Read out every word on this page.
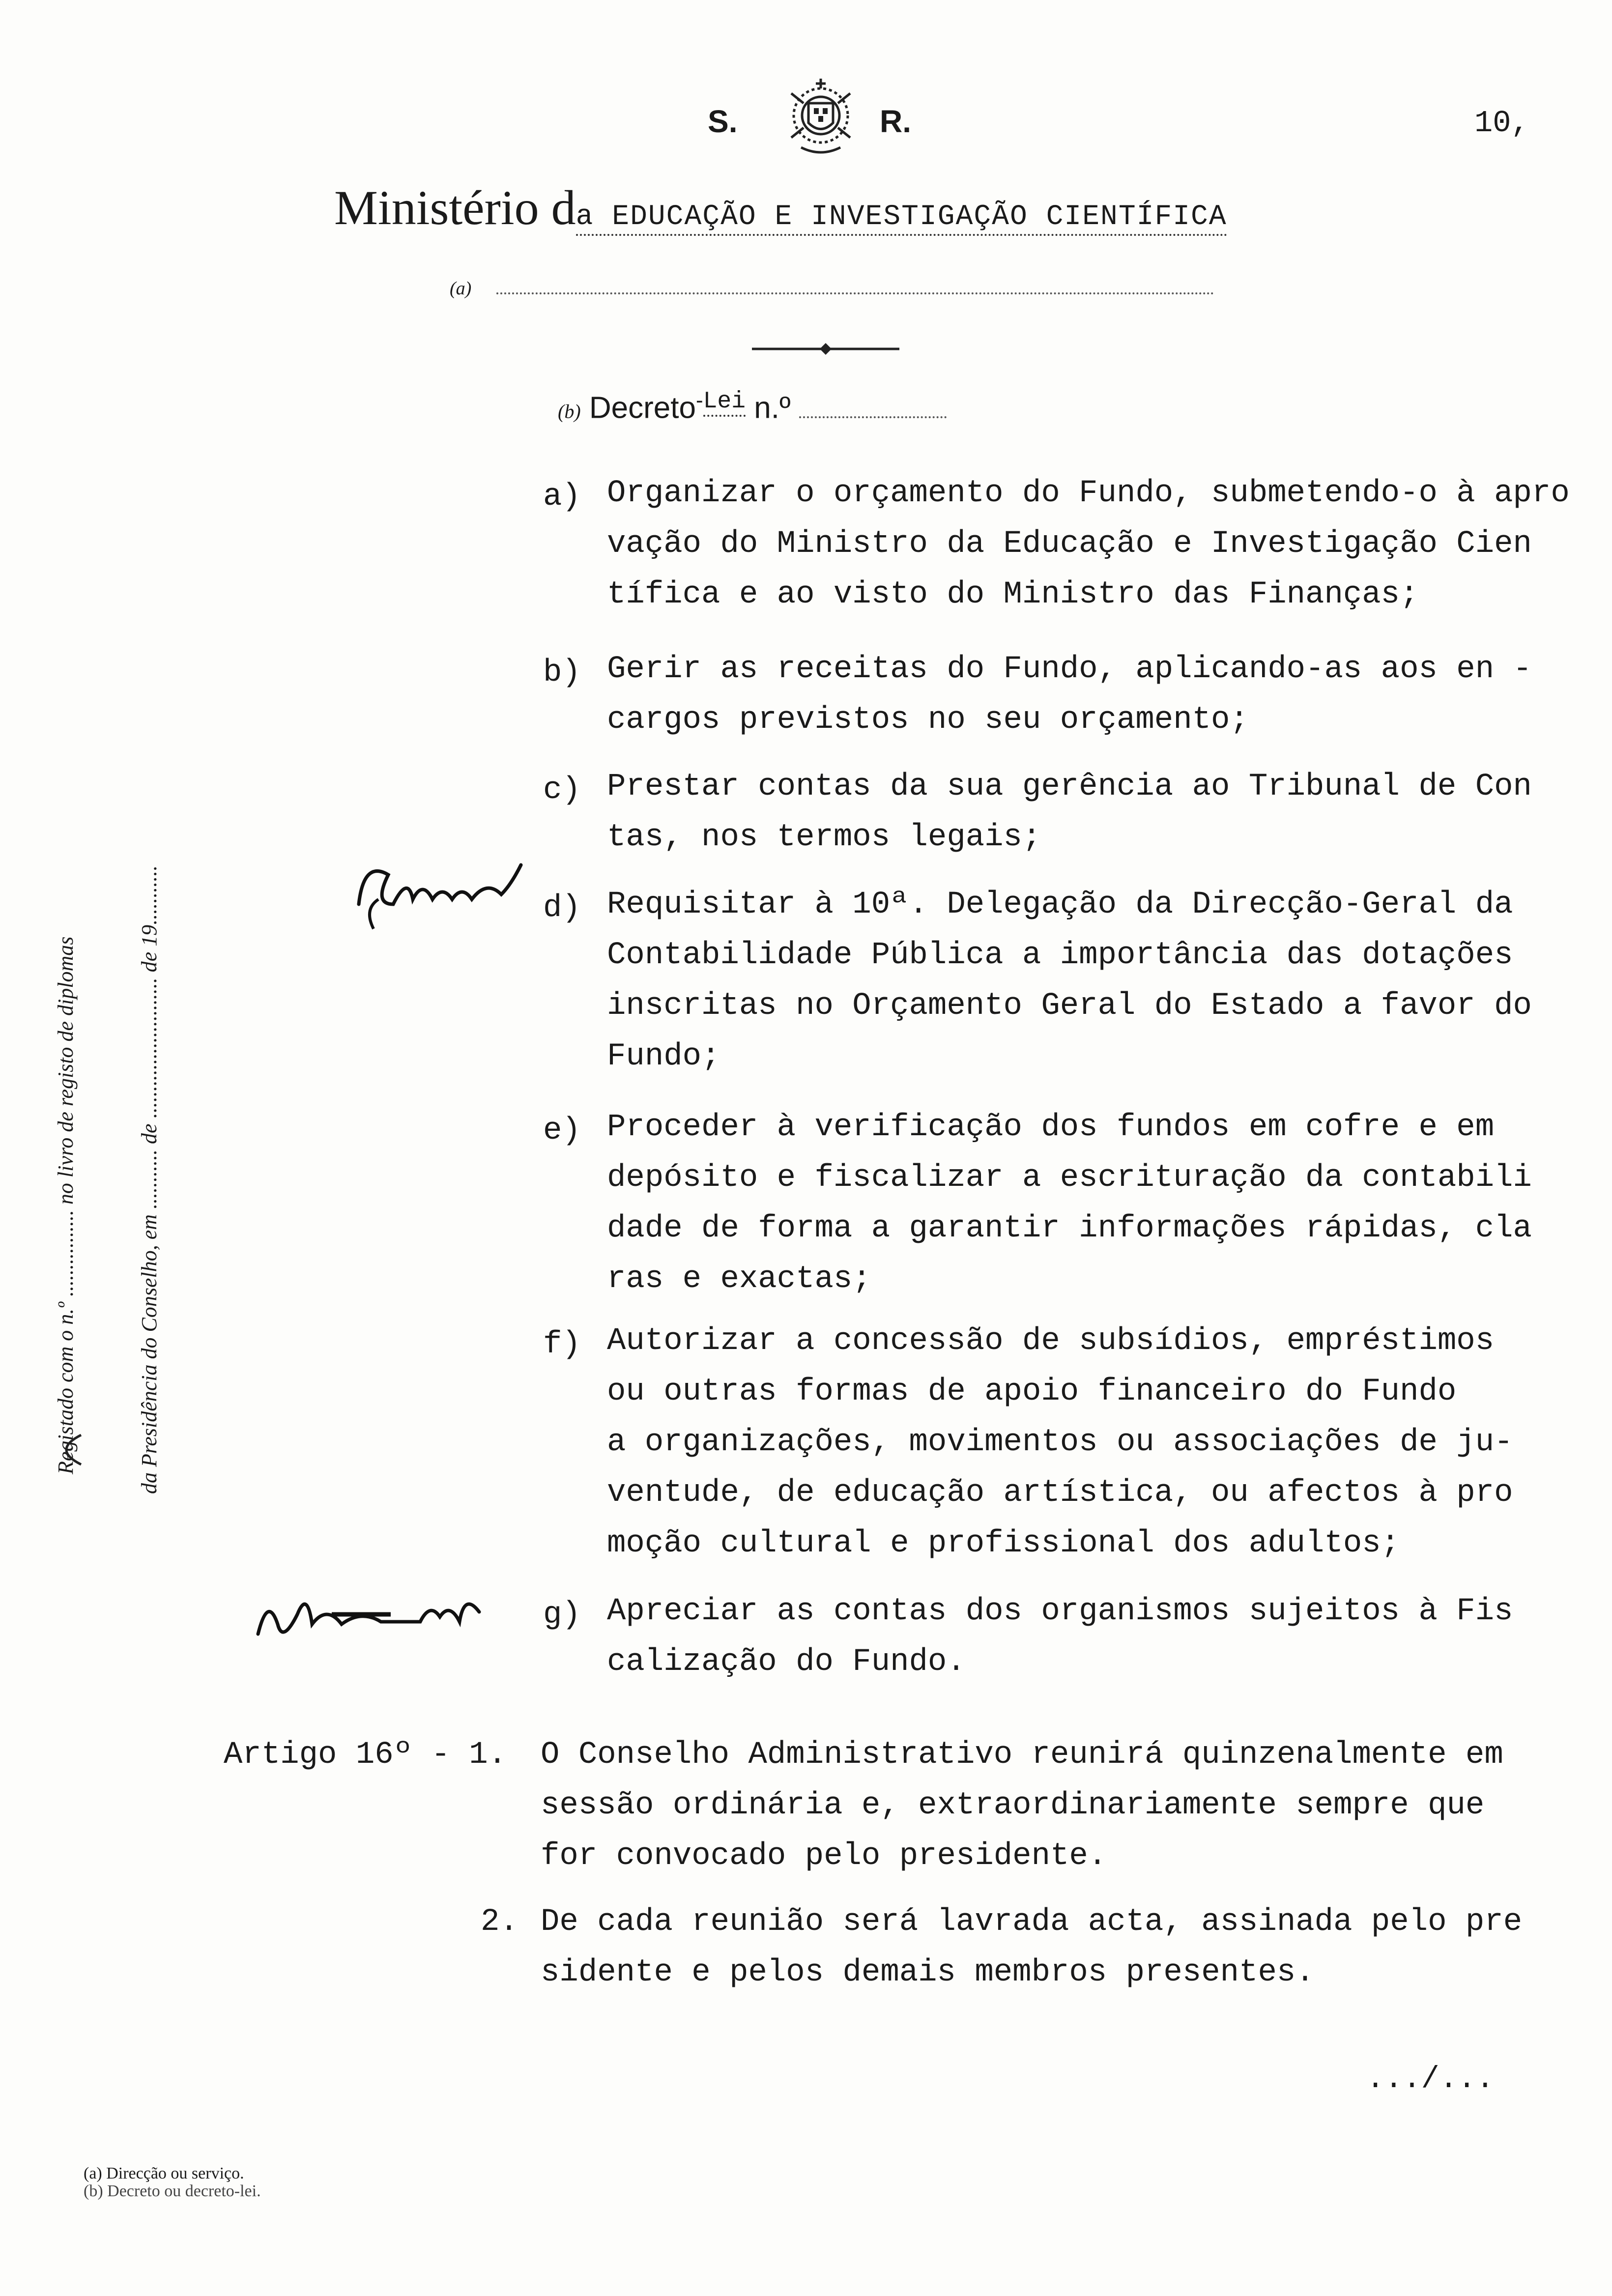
S.	R.	10,
Ministério da EDUCAÇÃO E INVESTIGAÇÃO CIENTÍFICA
(a)
(b) Decreto$^{-Lei}$ n.º
Registado com o n.º ................ no livro de registo de diplomas	da Presidência do Conselho, em ........... de .......................... de 19...........
a) Organizar o orçamento do Fundo, submetendo-o à apro
vação do Ministro da Educação e Investigação Cien
tífica e ao visto do Ministro das Finanças;
b) Gerir as receitas do Fundo, aplicando-as aos en -
cargos previstos no seu orçamento;
c) Prestar contas da sua gerência ao Tribunal de Con
tas, nos termos legais;
d) Requisitar à 10ª. Delegação da Direcção-Geral da
Contabilidade Pública a importância das dotações
inscritas no Orçamento Geral do Estado a favor do
Fundo;
e) Proceder à verificação dos fundos em cofre e em
depósito e fiscalizar a escrituração da contabili
dade de forma a garantir informações rápidas, cla
ras e exactas;
f) Autorizar a concessão de subsídios, empréstimos
ou outras formas de apoio financeiro do Fundo
a organizações, movimentos ou associações de ju-
ventude, de educação artística, ou afectos à pro
moção cultural e profissional dos adultos;
g) Apreciar as contas dos organismos sujeitos à Fis
calização do Fundo.
Artigo 16º - 1. O Conselho Administrativo reunirá quinzenalmente em
sessão ordinária e, extraordinariamente sempre que
for convocado pelo presidente.
2. De cada reunião será lavrada acta, assinada pelo pre
sidente e pelos demais membros presentes.
.../...
(a) Direcção ou serviço.
(b) Decreto ou decreto-lei.
